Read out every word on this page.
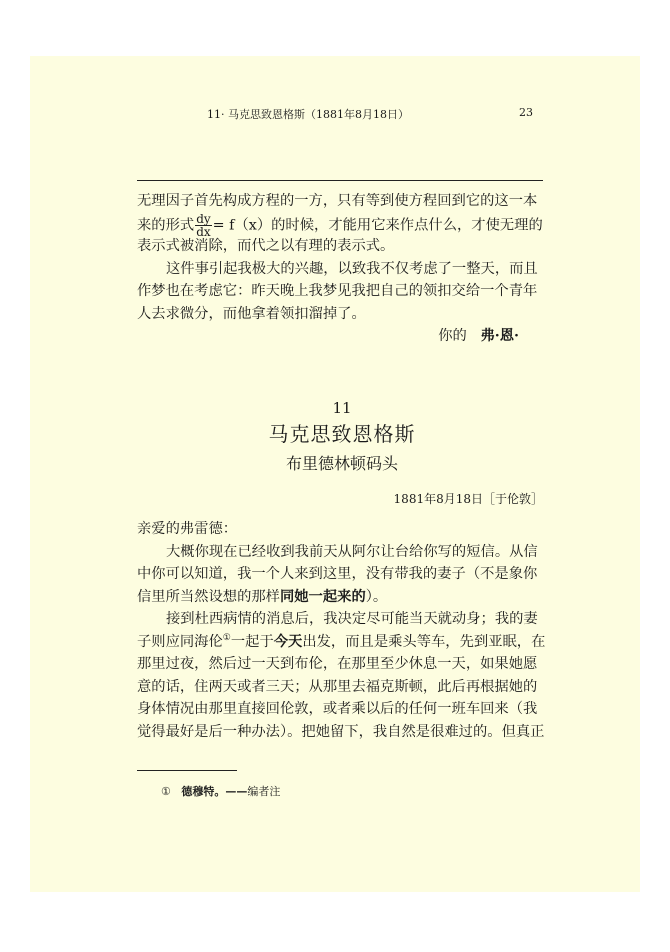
11· 马克思致恩格斯（1881年8月18日）	23
无理因子首先构成方程的一方，只有等到使方程回到它的这一本
来的形式 $\frac{dy}{dx} = f(x)$的时候，才能用它来作点什么，才使无理的
表示式被消除，而代之以有理的表示式。
这件事引起我极大的兴趣，以致我不仅考虑了一整天，而且
作梦也在考虑它：昨天晚上我梦见我把自己的领扣交给一个青年
人去求微分，而他拿着领扣溜掉了。
你的 弗·恩·
11
马克思致恩格斯
布里德林顿码头
1881年8月18日［于伦敦］
亲爱的弗雷德：
大概你现在已经收到我前天从阿尔让台给你写的短信。从信
中你可以知道，我一个人来到这里，没有带我的妻子（不是象你
信里所当然设想的那样同她一起来的）。
接到杜西病情的消息后，我决定尽可能当天就动身；我的妻
子则应同海伦①一起于今天出发，而且是乘头等车，先到亚眠，在
那里过夜，然后过一天到布伦，在那里至少休息一天，如果她愿
意的话，住两天或者三天；从那里去福克斯顿，此后再根据她的
身体情况由那里直接回伦敦，或者乘以后的任何一班车回来（我
觉得最好是后一种办法）。把她留下，我自然是很难过的。但真正
① 德穆特。——编者注
